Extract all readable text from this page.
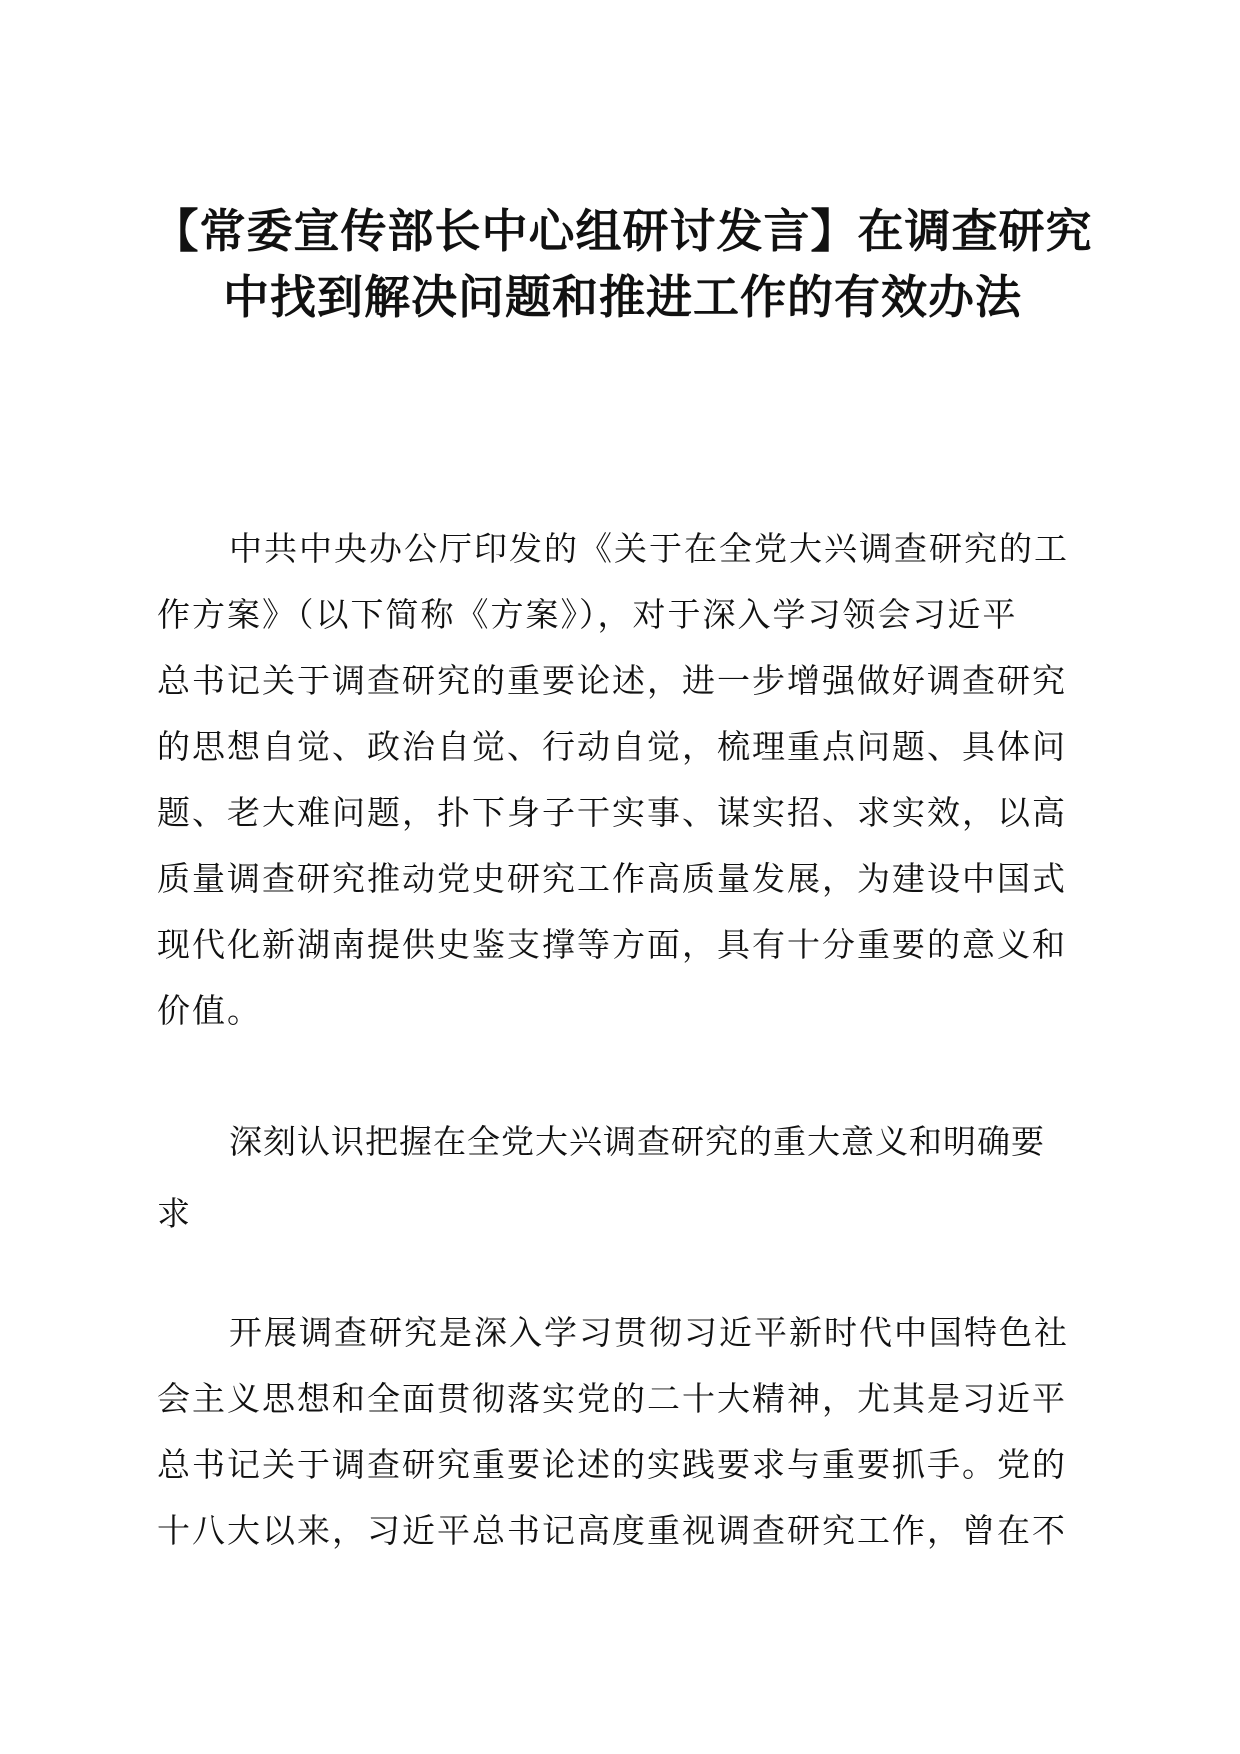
【常委宣传部长中心组研讨发言】在调查研究
中找到解决问题和推进工作的有效办法
中共中央办公厅印发的《关于在全党大兴调查研究的工
作方案》（以下简称《方案》），对于深入学习领会习近平
总书记关于调查研究的重要论述，进一步增强做好调查研究
的思想自觉、政治自觉、行动自觉，梳理重点问题、具体问
题、老大难问题，扑下身子干实事、谋实招、求实效，以高
质量调查研究推动党史研究工作高质量发展，为建设中国式
现代化新湖南提供史鉴支撑等方面，具有十分重要的意义和
价值。
深刻认识把握在全党大兴调查研究的重大意义和明确要
求
开展调查研究是深入学习贯彻习近平新时代中国特色社
会主义思想和全面贯彻落实党的二十大精神，尤其是习近平
总书记关于调查研究重要论述的实践要求与重要抓手。党的
十八大以来，习近平总书记高度重视调查研究工作，曾在不
